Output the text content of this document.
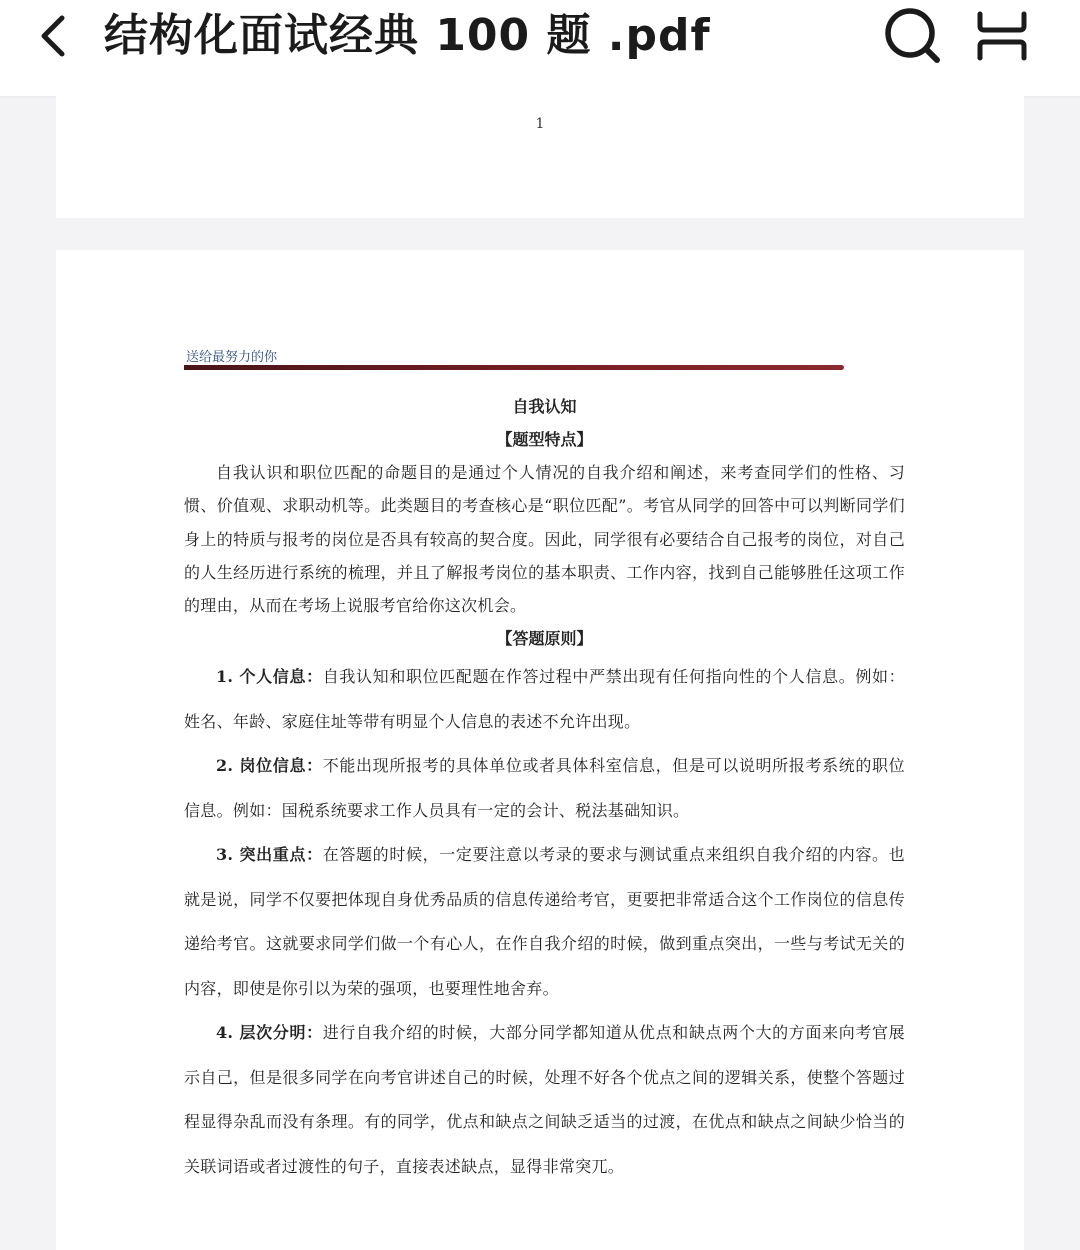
结构化面试经典 100 题 .pdf
1
送给最努力的你
自我认知
【题型特点】
自我认识和职位匹配的命题目的是通过个人情况的自我介绍和阐述，来考查同学们的性格、习惯、价值观、求职动机等。此类题目的考查核心是“职位匹配”。考官从同学的回答中可以判断同学们身上的特质与报考的岗位是否具有较高的契合度。因此，同学很有必要结合自己报考的岗位，对自己的人生经历进行系统的梳理，并且了解报考岗位的基本职责、工作内容，找到自己能够胜任这项工作的理由，从而在考场上说服考官给你这次机会。
【答题原则】
1. 个人信息：自我认知和职位匹配题在作答过程中严禁出现有任何指向性的个人信息。例如：姓名、年龄、家庭住址等带有明显个人信息的表述不允许出现。
2. 岗位信息：不能出现所报考的具体单位或者具体科室信息，但是可以说明所报考系统的职位信息。例如：国税系统要求工作人员具有一定的会计、税法基础知识。
3. 突出重点：在答题的时候，一定要注意以考录的要求与测试重点来组织自我介绍的内容。也就是说，同学不仅要把体现自身优秀品质的信息传递给考官，更要把非常适合这个工作岗位的信息传递给考官。这就要求同学们做一个有心人，在作自我介绍的时候，做到重点突出，一些与考试无关的内容，即使是你引以为荣的强项，也要理性地舍弃。
4. 层次分明：进行自我介绍的时候，大部分同学都知道从优点和缺点两个大的方面来向考官展示自己，但是很多同学在向考官讲述自己的时候，处理不好各个优点之间的逻辑关系，使整个答题过程显得杂乱而没有条理。有的同学，优点和缺点之间缺乏适当的过渡，在优点和缺点之间缺少恰当的关联词语或者过渡性的句子，直接表述缺点，显得非常突兀。
